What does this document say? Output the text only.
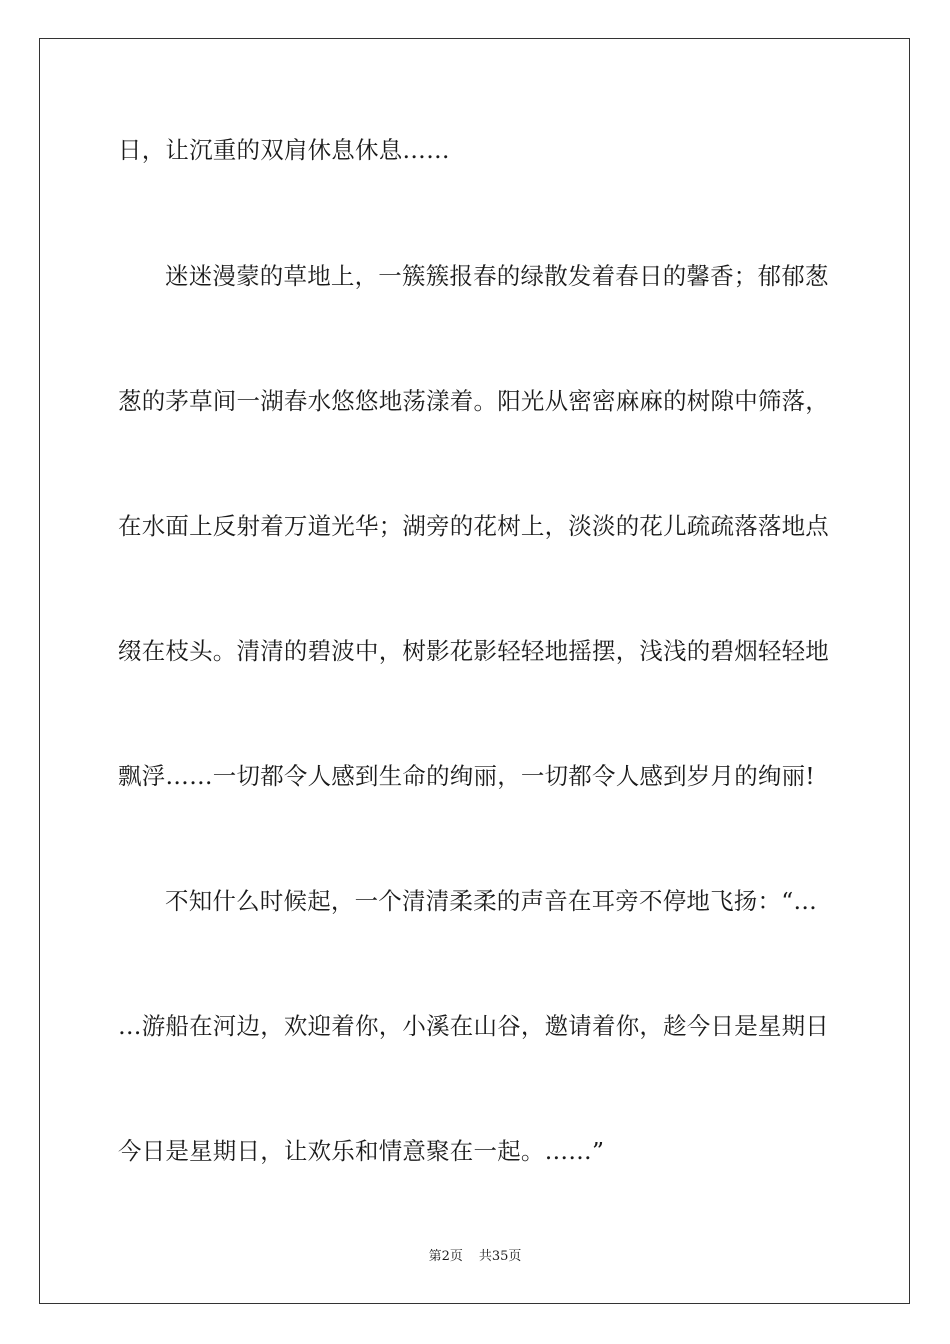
日，让沉重的双肩休息休息……
迷迷漫蒙的草地上，一簇簇报春的绿散发着春日的馨香；郁郁葱
葱的茅草间一湖春水悠悠地荡漾着。阳光从密密麻麻的树隙中筛落，
在水面上反射着万道光华；湖旁的花树上，淡淡的花儿疏疏落落地点
缀在枝头。清清的碧波中，树影花影轻轻地摇摆，浅浅的碧烟轻轻地
飘浮……一切都令人感到生命的绚丽，一切都令人感到岁月的绚丽!
不知什么时候起，一个清清柔柔的声音在耳旁不停地飞扬：“…
…游船在河边，欢迎着你，小溪在山谷，邀请着你，趁今日是星期日
今日是星期日，让欢乐和情意聚在一起。……”
第2页 共35页
